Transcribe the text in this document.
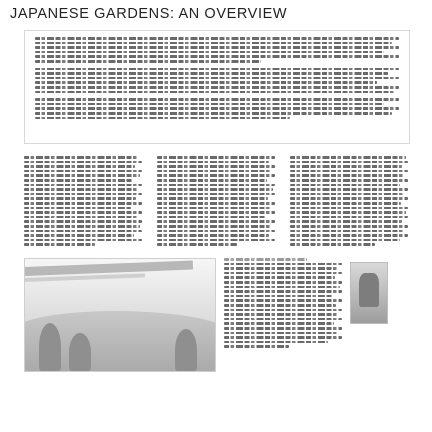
JAPANESE GARDENS: AN OVERVIEW
